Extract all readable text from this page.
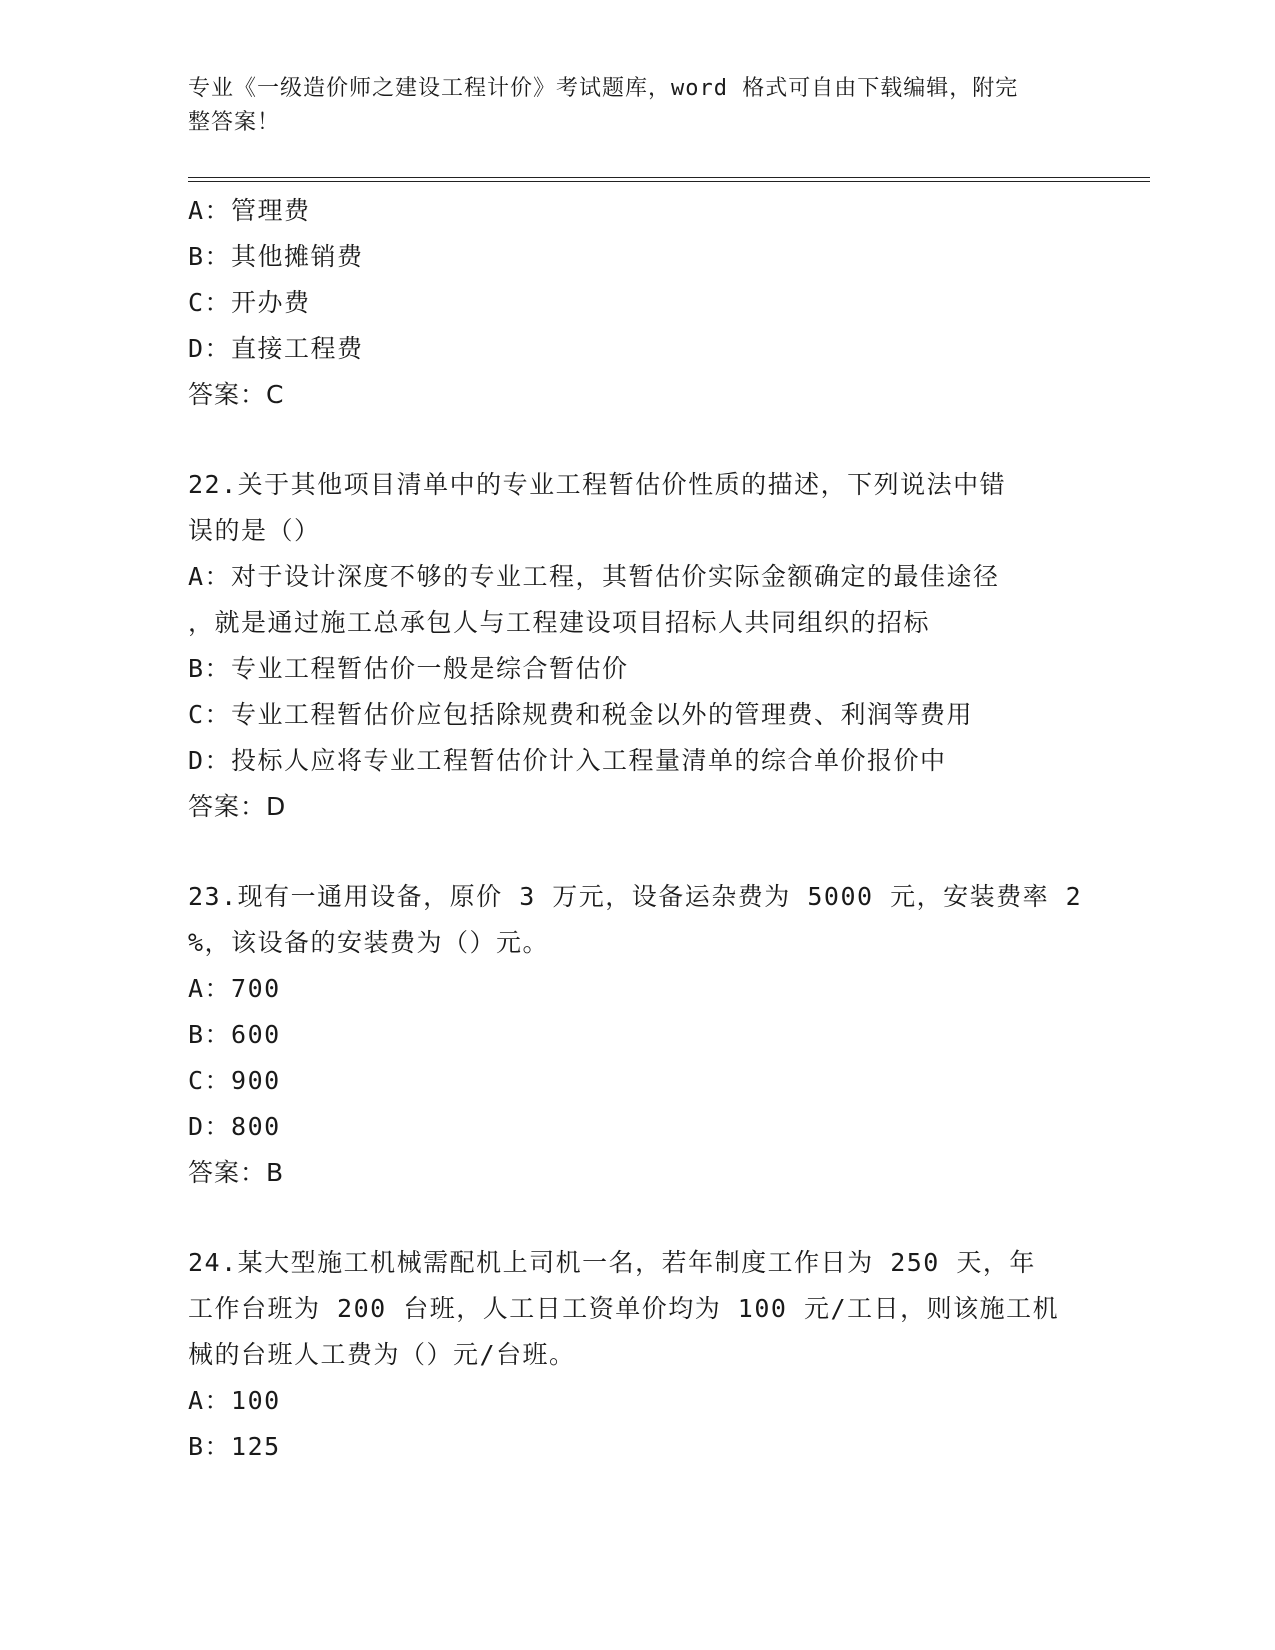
专业《一级造价师之建设工程计价》考试题库，word 格式可自由下载编辑，附完
整答案！
A：管理费
B：其他摊销费
C：开办费
D：直接工程费
答案：C
22.关于其他项目清单中的专业工程暂估价性质的描述，下列说法中错
误的是（）
A：对于设计深度不够的专业工程，其暂估价实际金额确定的最佳途径
，就是通过施工总承包人与工程建设项目招标人共同组织的招标
B：专业工程暂估价一般是综合暂估价
C：专业工程暂估价应包括除规费和税金以外的管理费、利润等费用
D：投标人应将专业工程暂估价计入工程量清单的综合单价报价中
答案：D
23.现有一通用设备，原价 3 万元，设备运杂费为 5000 元，安装费率 2
%，该设备的安装费为（）元。
A：700
B：600
C：900
D：800
答案：B
24.某大型施工机械需配机上司机一名，若年制度工作日为 250 天，年
工作台班为 200 台班，人工日工资单价均为 100 元/工日，则该施工机
械的台班人工费为（）元/台班。
A：100
B：125
